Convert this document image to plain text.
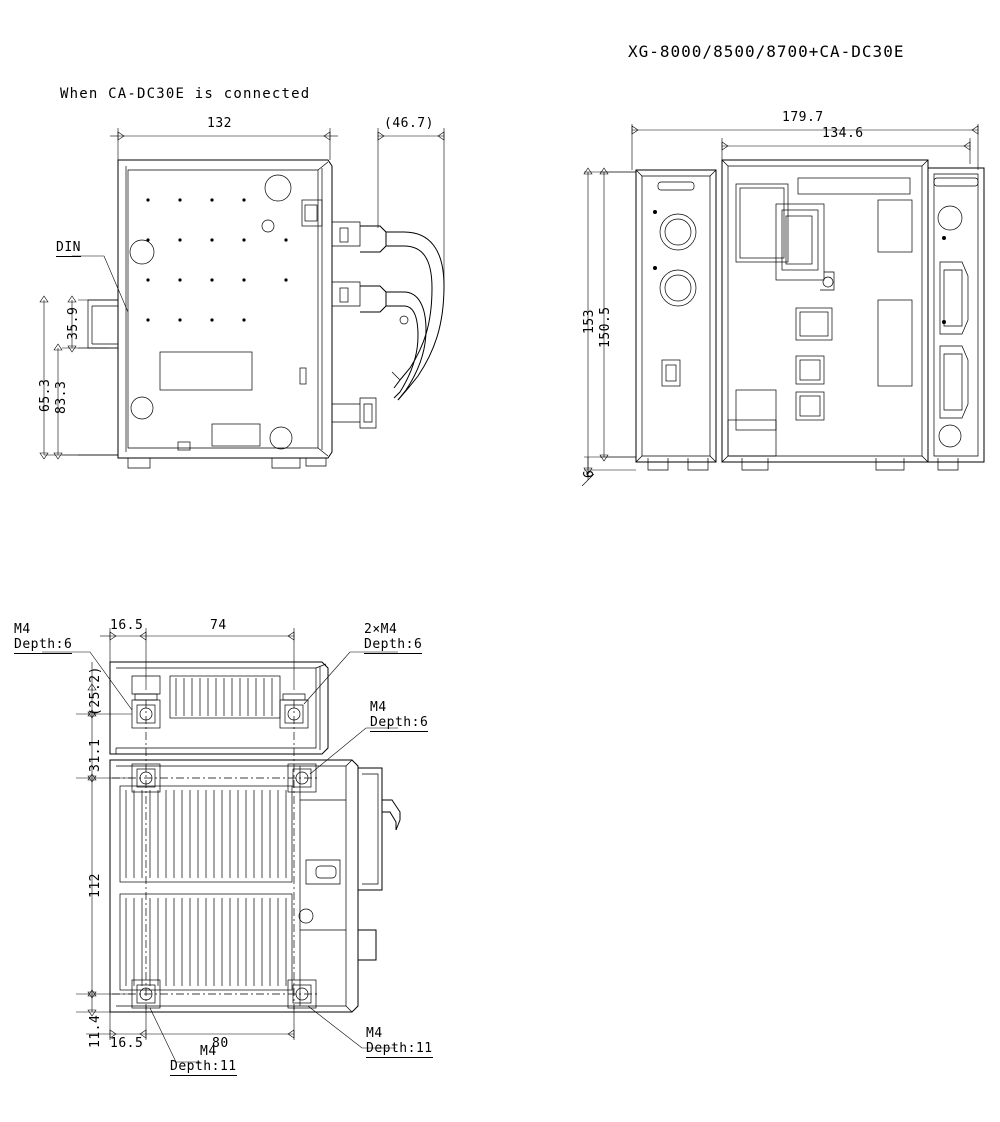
XG-8000/8500/8700+CA-DC30E
When CA-DC30E is connected
132	(46.7)
35.9
65.3 83.3
DIN
179.7
134.6
153 150.5
6
16.5	74
(25.2)
31.1
112
11.4 16.5	80
M4
Depth:6
2×M4
Depth:6
M4
Depth:6
M4
Depth:11
M4
Depth:11
